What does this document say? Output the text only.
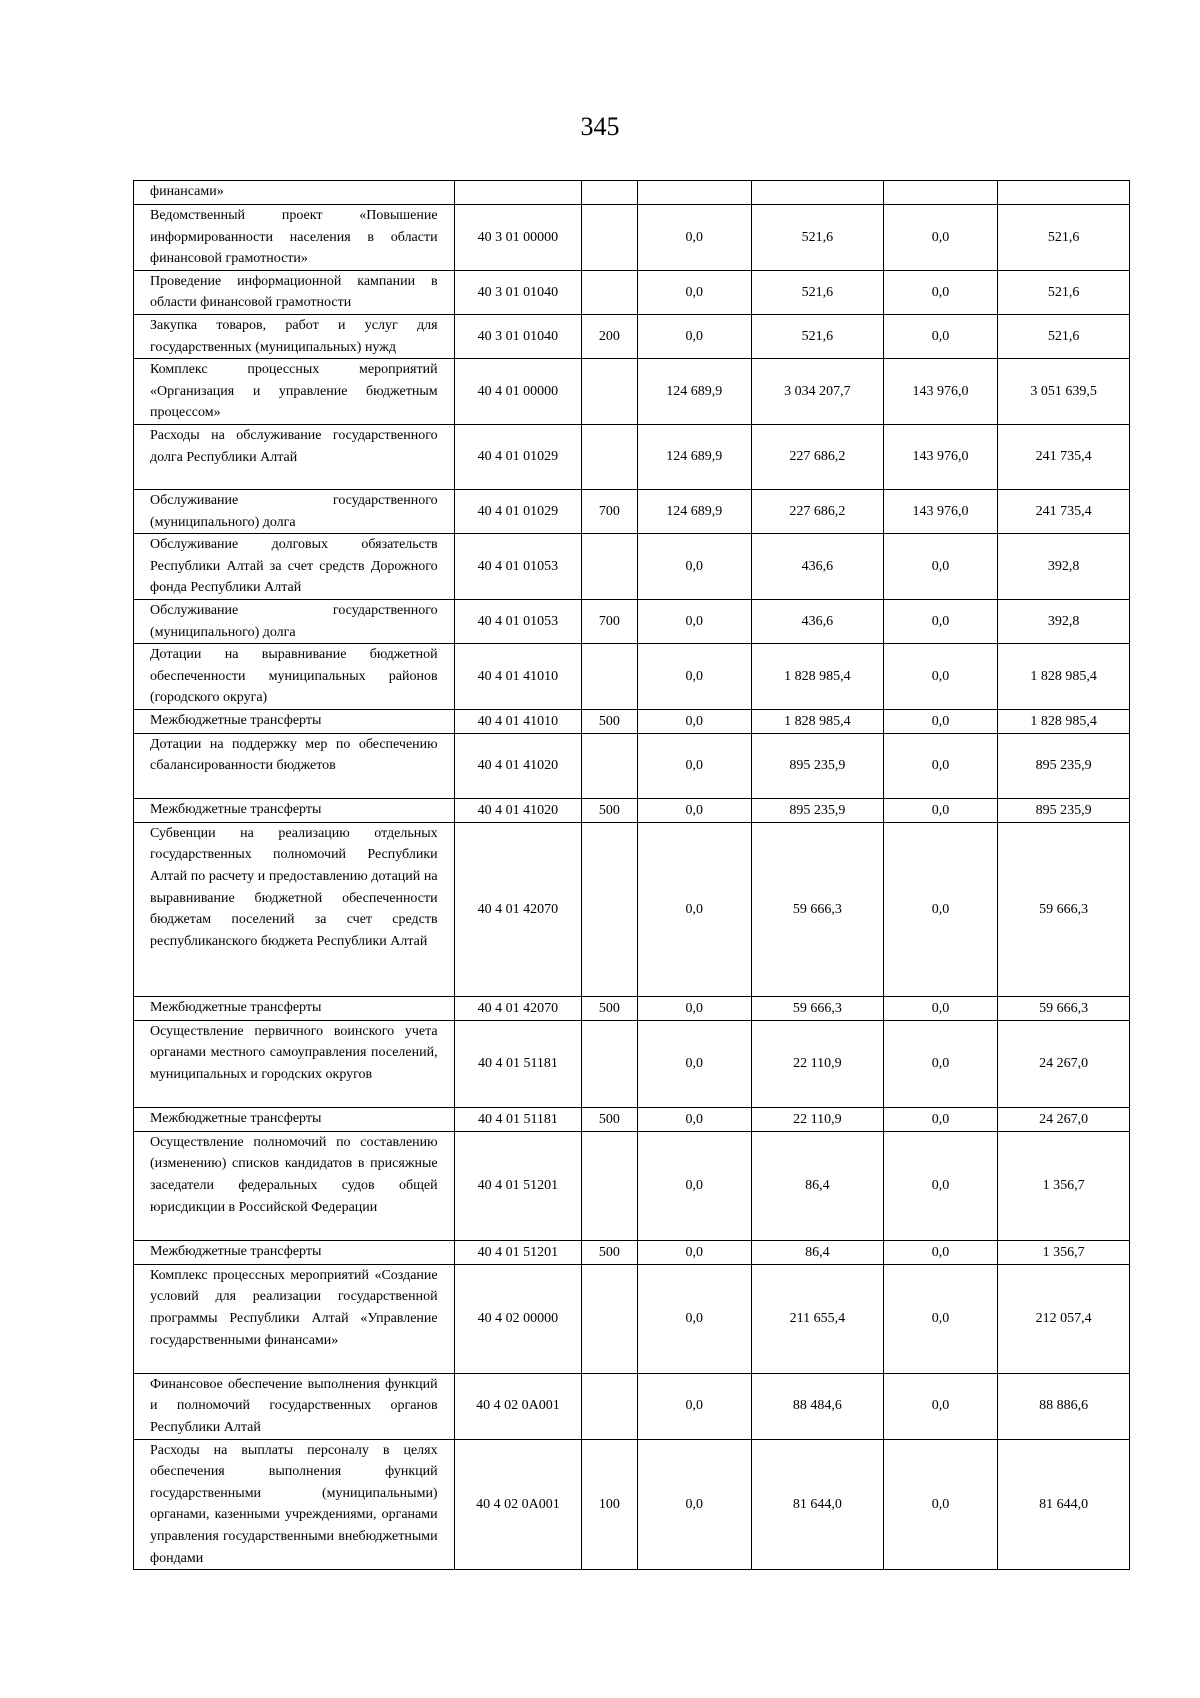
345
финансами»						
Ведомственный проект «Повышение информированности населения в области финансовой грамотности»	40 3 01 00000		0,0	521,6	0,0	521,6
Проведение информационной кампании в области финансовой грамотности	40 3 01 01040		0,0	521,6	0,0	521,6
Закупка товаров, работ и услуг для государственных (муниципальных) нужд	40 3 01 01040	200	0,0	521,6	0,0	521,6
Комплекс процессных мероприятий «Организация и управление бюджетным процессом»	40 4 01 00000		124 689,9	3 034 207,7	143 976,0	3 051 639,5
Расходы на обслуживание государственного долга Республики Алтай	40 4 01 01029		124 689,9	227 686,2	143 976,0	241 735,4
Обслуживание государственного (муниципального) долга	40 4 01 01029	700	124 689,9	227 686,2	143 976,0	241 735,4
Обслуживание долговых обязательств Республики Алтай за счет средств Дорожного фонда Республики Алтай	40 4 01 01053		0,0	436,6	0,0	392,8
Обслуживание государственного (муниципального) долга	40 4 01 01053	700	0,0	436,6	0,0	392,8
Дотации на выравнивание бюджетной обеспеченности муниципальных районов (городского округа)	40 4 01 41010		0,0	1 828 985,4	0,0	1 828 985,4
Межбюджетные трансферты	40 4 01 41010	500	0,0	1 828 985,4	0,0	1 828 985,4
Дотации на поддержку мер по обеспечению сбалансированности бюджетов	40 4 01 41020		0,0	895 235,9	0,0	895 235,9
Межбюджетные трансферты	40 4 01 41020	500	0,0	895 235,9	0,0	895 235,9
Субвенции на реализацию отдельных государственных полномочий Республики Алтай по расчету и предоставлению дотаций на выравнивание бюджетной обеспеченности бюджетам поселений за счет средств республиканского бюджета Республики Алтай	40 4 01 42070		0,0	59 666,3	0,0	59 666,3
Межбюджетные трансферты	40 4 01 42070	500	0,0	59 666,3	0,0	59 666,3
Осуществление первичного воинского учета органами местного самоуправления поселений, муниципальных и городских округов	40 4 01 51181		0,0	22 110,9	0,0	24 267,0
Межбюджетные трансферты	40 4 01 51181	500	0,0	22 110,9	0,0	24 267,0
Осуществление полномочий по составлению (изменению) списков кандидатов в присяжные заседатели федеральных судов общей юрисдикции в Российской Федерации	40 4 01 51201		0,0	86,4	0,0	1 356,7
Межбюджетные трансферты	40 4 01 51201	500	0,0	86,4	0,0	1 356,7
Комплекс процессных мероприятий «Создание условий для реализации государственной программы Республики Алтай «Управление государственными финансами»	40 4 02 00000		0,0	211 655,4	0,0	212 057,4
Финансовое обеспечение выполнения функций и полномочий государственных органов Республики Алтай	40 4 02 0A001		0,0	88 484,6	0,0	88 886,6
Расходы на выплаты персоналу в целях обеспечения выполнения функций государственными (муниципальными) органами, казенными учреждениями, органами управления государственными внебюджетными фондами	40 4 02 0A001	100	0,0	81 644,0	0,0	81 644,0
